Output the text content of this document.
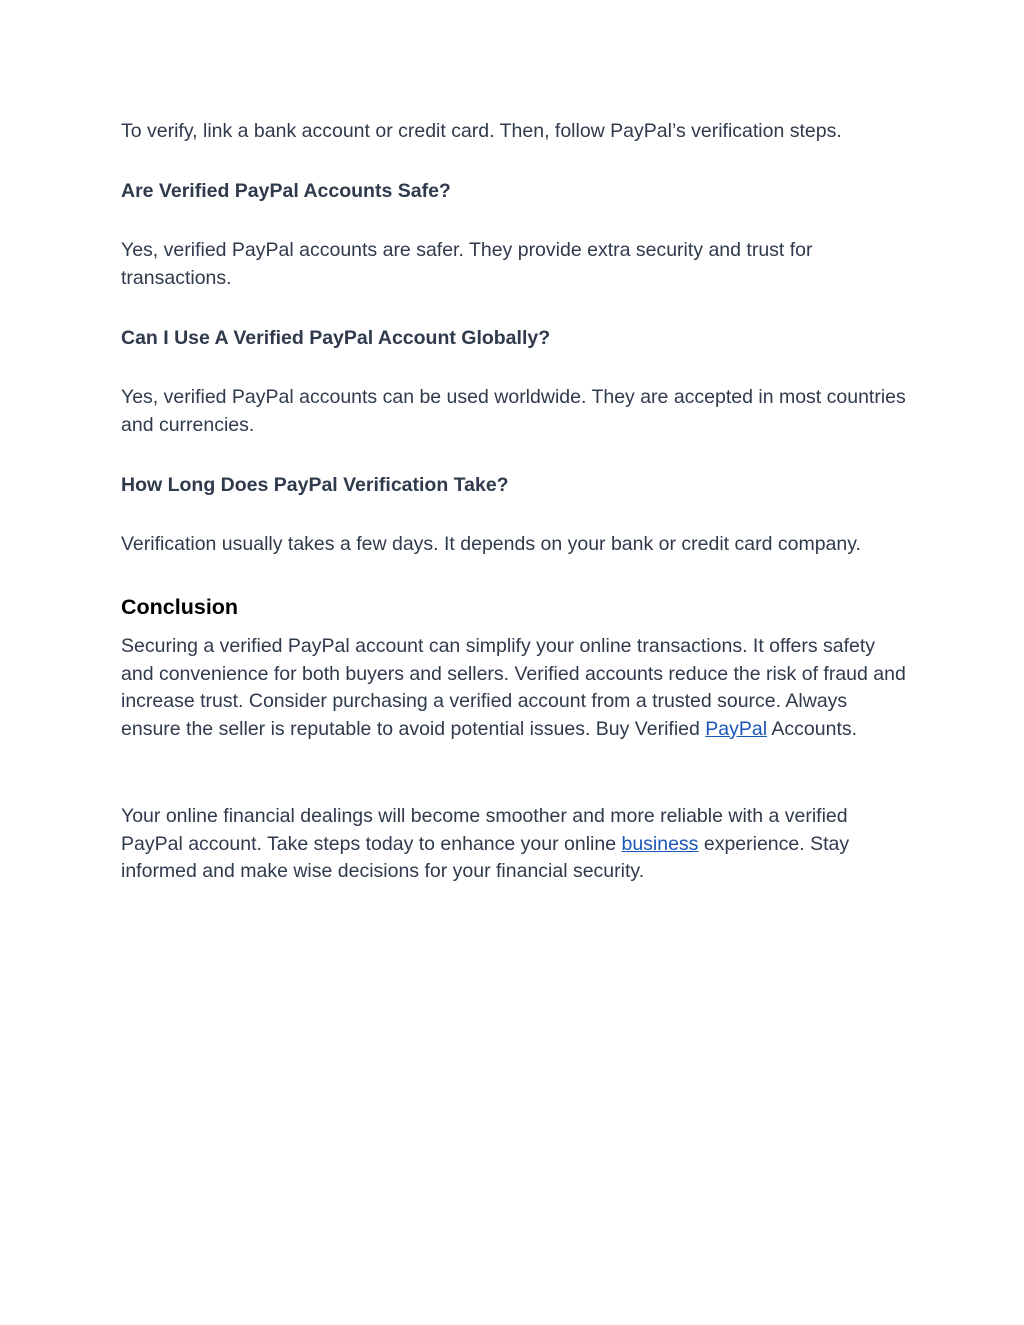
To verify, link a bank account or credit card. Then, follow PayPal’s verification steps.

Are Verified PayPal Accounts Safe?

Yes, verified PayPal accounts are safer. They provide extra security and trust for transactions.

Can I Use A Verified PayPal Account Globally?

Yes, verified PayPal accounts can be used worldwide. They are accepted in most countries and currencies.

How Long Does PayPal Verification Take?

Verification usually takes a few days. It depends on your bank or credit card company.

Conclusion

Securing a verified PayPal account can simplify your online transactions. It offers safety and convenience for both buyers and sellers. Verified accounts reduce the risk of fraud and increase trust. Consider purchasing a verified account from a trusted source. Always ensure the seller is reputable to avoid potential issues. Buy Verified PayPal Accounts.

Your online financial dealings will become smoother and more reliable with a verified PayPal account. Take steps today to enhance your online business experience. Stay informed and make wise decisions for your financial security.
